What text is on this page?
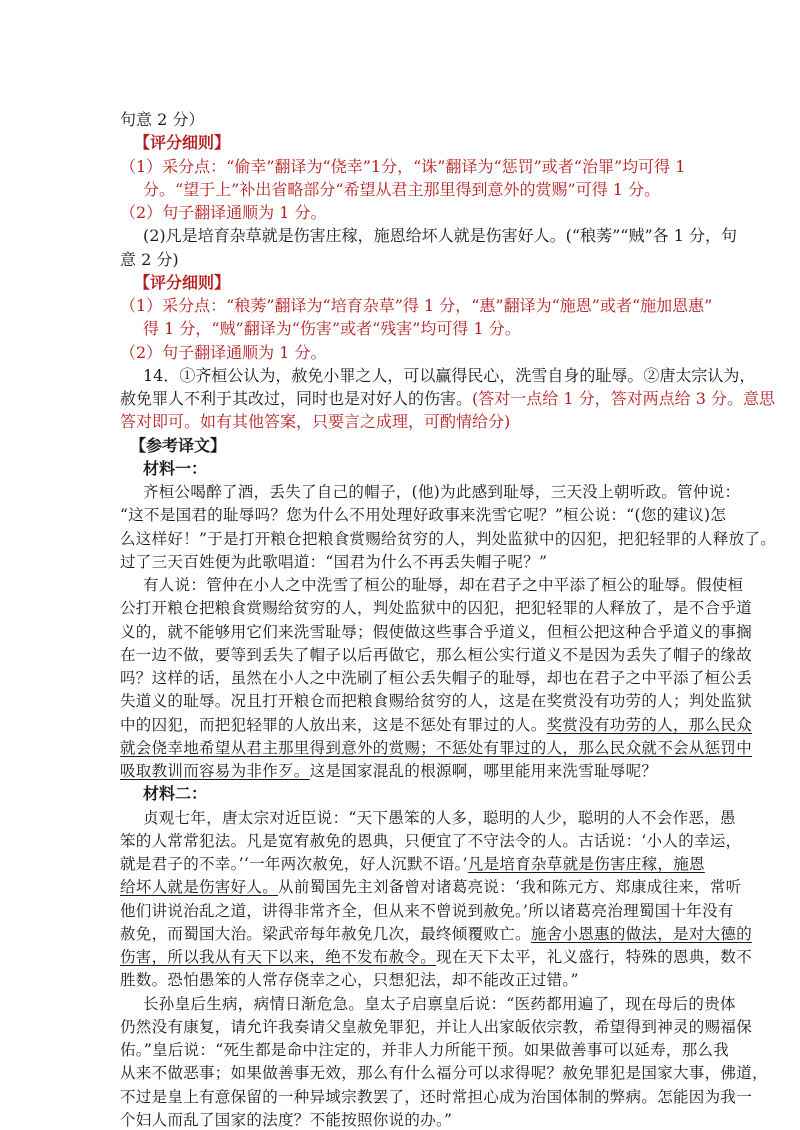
句意 2 分）
【评分细则】
（1）采分点：“偷幸”翻译为“侥幸”1分，“诛”翻译为“惩罚”或者“治罪”均可得 1
分。“望于上”补出省略部分“希望从君主那里得到意外的赏赐”可得 1 分。
（2）句子翻译通顺为 1 分。
(2)凡是培育杂草就是伤害庄稼，施恩给坏人就是伤害好人。(“稂莠”“贼”各 1 分，句
意 2 分)
【评分细则】
（1）采分点：“稂莠”翻译为“培育杂草”得 1 分，“惠”翻译为“施恩”或者“施加恩惠”
得 1 分，“贼”翻译为“伤害”或者“残害”均可得 1 分。
（2）句子翻译通顺为 1 分。
14．①齐桓公认为，赦免小罪之人，可以赢得民心，洗雪自身的耻辱。②唐太宗认为，
赦免罪人不利于其改过，同时也是对好人的伤害。(答对一点给 1 分，答对两点给 3 分。意思
答对即可。如有其他答案，只要言之成理，可酌情给分)
【参考译文】
材料一：
齐桓公喝醉了酒，丢失了自己的帽子，(他)为此感到耻辱，三天没上朝听政。管仲说：
“这不是国君的耻辱吗？您为什么不用处理好政事来洗雪它呢？”桓公说：“(您的建议)怎
么这样好！”于是打开粮仓把粮食赏赐给贫穷的人，判处监狱中的囚犯，把犯轻罪的人释放了。
过了三天百姓便为此歌唱道：“国君为什么不再丢失帽子呢？”
有人说：管仲在小人之中洗雪了桓公的耻辱，却在君子之中平添了桓公的耻辱。假使桓
公打开粮仓把粮食赏赐给贫穷的人，判处监狱中的囚犯，把犯轻罪的人释放了，是不合乎道
义的，就不能够用它们来洗雪耻辱；假使做这些事合乎道义，但桓公把这种合乎道义的事搁
在一边不做，要等到丢失了帽子以后再做它，那么桓公实行道义不是因为丢失了帽子的缘故
吗？这样的话，虽然在小人之中洗刷了桓公丢失帽子的耻辱，却也在君子之中平添了桓公丢
失道义的耻辱。况且打开粮仓而把粮食赐给贫穷的人，这是在奖赏没有功劳的人；判处监狱
中的囚犯，而把犯轻罪的人放出来，这是不惩处有罪过的人。奖赏没有功劳的人，那么民众
就会侥幸地希望从君主那里得到意外的赏赐；不惩处有罪过的人，那么民众就不会从惩罚中
吸取教训而容易为非作歹。这是国家混乱的根源啊，哪里能用来洗雪耻辱呢？
材料二：
贞观七年，唐太宗对近臣说：“天下愚笨的人多，聪明的人少，聪明的人不会作恶，愚
笨的人常常犯法。凡是宽宥赦免的恩典，只便宜了不守法令的人。古话说：‘小人的幸运，
就是君子的不幸。’‘一年两次赦免，好人沉默不语。’凡是培育杂草就是伤害庄稼，施恩
给坏人就是伤害好人。从前蜀国先主刘备曾对诸葛亮说：‘我和陈元方、郑康成往来，常听
他们讲说治乱之道，讲得非常齐全，但从来不曾说到赦免。’所以诸葛亮治理蜀国十年没有
赦免，而蜀国大治。梁武帝每年赦免几次，最终倾覆败亡。施舍小恩惠的做法，是对大德的
伤害，所以我从有天下以来，绝不发布赦令。现在天下太平，礼义盛行，特殊的恩典，数不
胜数。恐怕愚笨的人常存侥幸之心，只想犯法，却不能改正过错。”
长孙皇后生病，病情日渐危急。皇太子启禀皇后说：“医药都用遍了，现在母后的贵体
仍然没有康复，请允许我奏请父皇赦免罪犯，并让人出家皈依宗教，希望得到神灵的赐福保
佑。”皇后说：“死生都是命中注定的，并非人力所能干预。如果做善事可以延寿，那么我
从来不做恶事；如果做善事无效，那么有什么福分可以求得呢？赦免罪犯是国家大事，佛道，
不过是皇上有意保留的一种异域宗教罢了，还时常担心成为治国体制的弊病。怎能因为我一
个妇人而乱了国家的法度？不能按照你说的办。”
